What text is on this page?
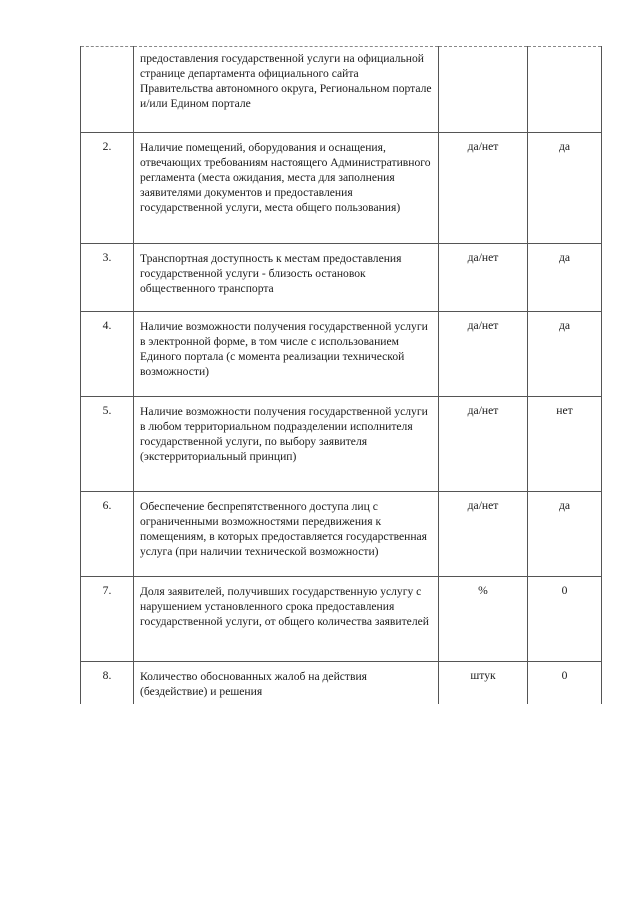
	предоставления государственной услуги на официальной странице департамента официального сайта Правительства автономного округа, Региональном портале и/или Едином портале		
2.	Наличие помещений, оборудования и оснащения, отвечающих требованиям настоящего Административного регламента (места ожидания, места для заполнения заявителями документов и предоставления государственной услуги, места общего пользования)	да/нет	да
3.	Транспортная доступность к местам предоставления государственной услуги - близость остановок общественного транспорта	да/нет	да
4.	Наличие возможности получения государственной услуги в электронной форме, в том числе с использованием Единого портала (с момента реализации технической возможности)	да/нет	да
5.	Наличие возможности получения государственной услуги в любом территориальном подразделении исполнителя государственной услуги, по выбору заявителя (экстерриториальный принцип)	да/нет	нет
6.	Обеспечение беспрепятственного доступа лиц с ограниченными возможностями передвижения к помещениям, в которых предоставляется государственная услуга (при наличии технической возможности)	да/нет	да
7.	Доля заявителей, получивших государственную услугу с нарушением установленного срока предоставления государственной услуги, от общего количества заявителей	%	0
8.	Количество обоснованных жалоб на действия (бездействие) и решения	штук	0
